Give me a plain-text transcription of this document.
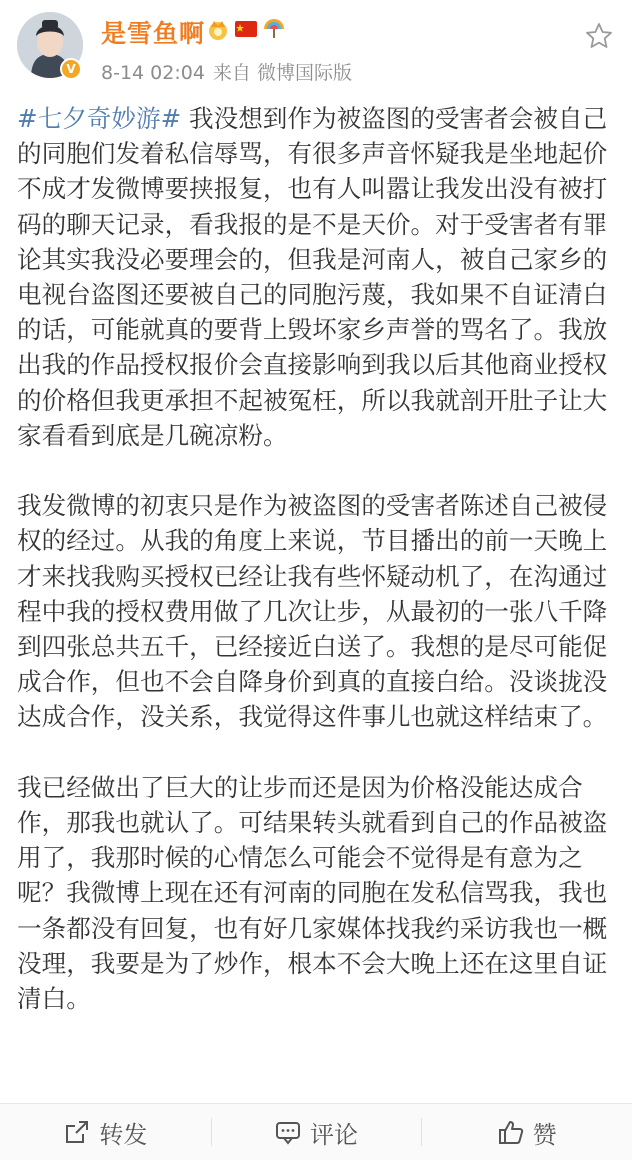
V
是雪鱼啊
8-14 02:04 来自 微博国际版

#七夕奇妙游# 我没想到作为被盗图的受害者会被自己

的同胞们发着私信辱骂，有很多声音怀疑我是坐地起价

不成才发微博要挟报复，也有人叫嚣让我发出没有被打

码的聊天记录，看我报的是不是天价。对于受害者有罪

论其实我没必要理会的，但我是河南人，被自己家乡的

电视台盗图还要被自己的同胞污蔑，我如果不自证清白

的话，可能就真的要背上毁坏家乡声誉的骂名了。我放

出我的作品授权报价会直接影响到我以后其他商业授权

的价格但我更承担不起被冤枉，所以我就剖开肚子让大

家看看到底是几碗凉粉。

我发微博的初衷只是作为被盗图的受害者陈述自己被侵

权的经过。从我的角度上来说，节目播出的前一天晚上

才来找我购买授权已经让我有些怀疑动机了，在沟通过

程中我的授权费用做了几次让步，从最初的一张八千降

到四张总共五千，已经接近白送了。我想的是尽可能促

成合作，但也不会自降身价到真的直接白给。没谈拢没

达成合作，没关系，我觉得这件事儿也就这样结束了。

我已经做出了巨大的让步而还是因为价格没能达成合

作，那我也就认了。可结果转头就看到自己的作品被盗

用了，我那时候的心情怎么可能会不觉得是有意为之

呢？我微博上现在还有河南的同胞在发私信骂我，我也

一条都没有回复，也有好几家媒体找我约采访我也一概

没理，我要是为了炒作，根本不会大晚上还在这里自证

清白。

转发	评论	赞
